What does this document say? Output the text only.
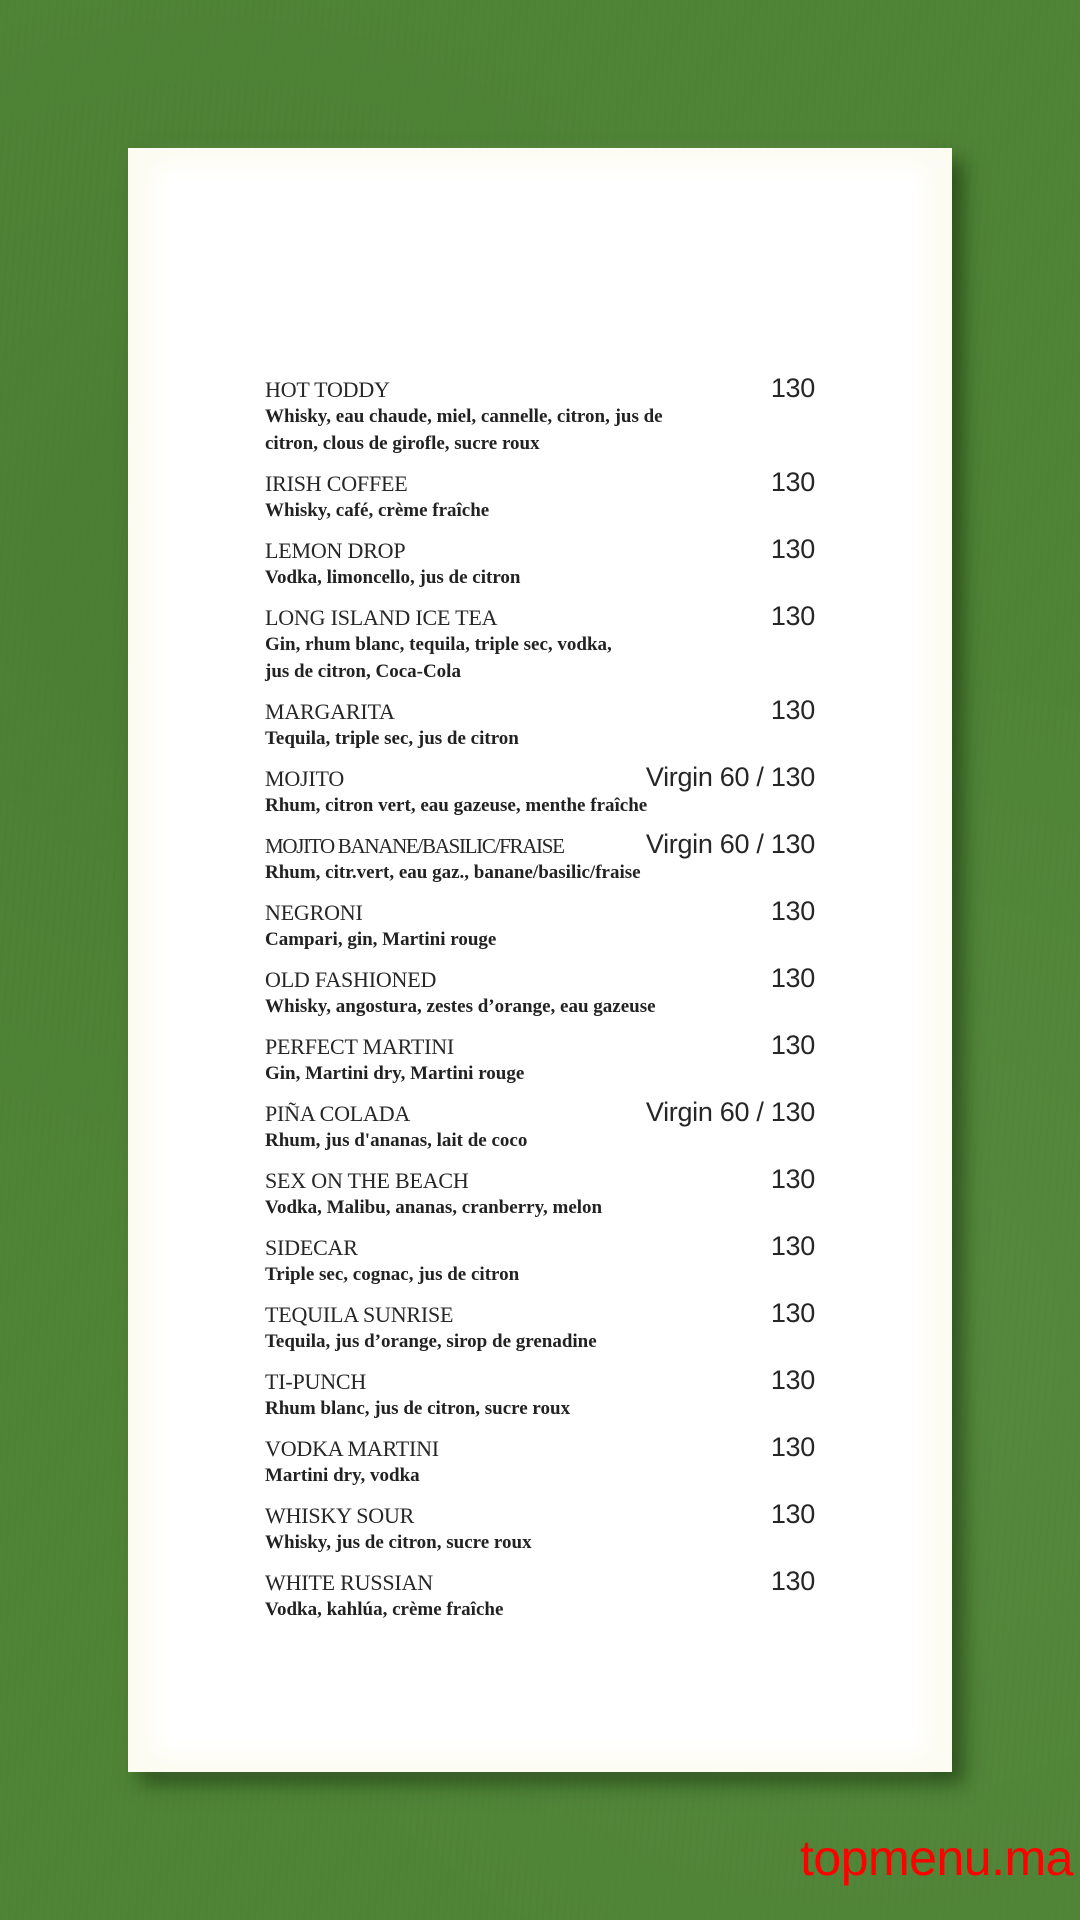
HOT TODDY	130

Whisky, eau chaude, miel, cannelle, citron, jus de

citron, clous de girofle, sucre roux

IRISH COFFEE	130

Whisky, café, crème fraîche

LEMON DROP	130

Vodka, limoncello, jus de citron

LONG ISLAND ICE TEA	130

Gin, rhum blanc, tequila, triple sec, vodka,

jus de citron, Coca-Cola

MARGARITA	130

Tequila, triple sec, jus de citron

MOJITO	Virgin 60 / 130

Rhum, citron vert, eau gazeuse, menthe fraîche

MOJITO BANANE/BASILIC/FRAISE	Virgin 60 / 130

Rhum, citr.vert, eau gaz., banane/basilic/fraise

NEGRONI	130

Campari, gin, Martini rouge

OLD FASHIONED	130

Whisky, angostura, zestes d’orange, eau gazeuse

PERFECT MARTINI	130

Gin, Martini dry, Martini rouge

PIÑA COLADA	Virgin 60 / 130

Rhum, jus d'ananas, lait de coco

SEX ON THE BEACH	130

Vodka, Malibu, ananas, cranberry, melon

SIDECAR	130

Triple sec, cognac, jus de citron

TEQUILA SUNRISE	130

Tequila, jus d’orange, sirop de grenadine

TI-PUNCH	130

Rhum blanc, jus de citron, sucre roux

VODKA MARTINI	130

Martini dry, vodka

WHISKY SOUR	130

Whisky, jus de citron, sucre roux

WHITE RUSSIAN	130

Vodka, kahlúa, crème fraîche

topmenu.ma
